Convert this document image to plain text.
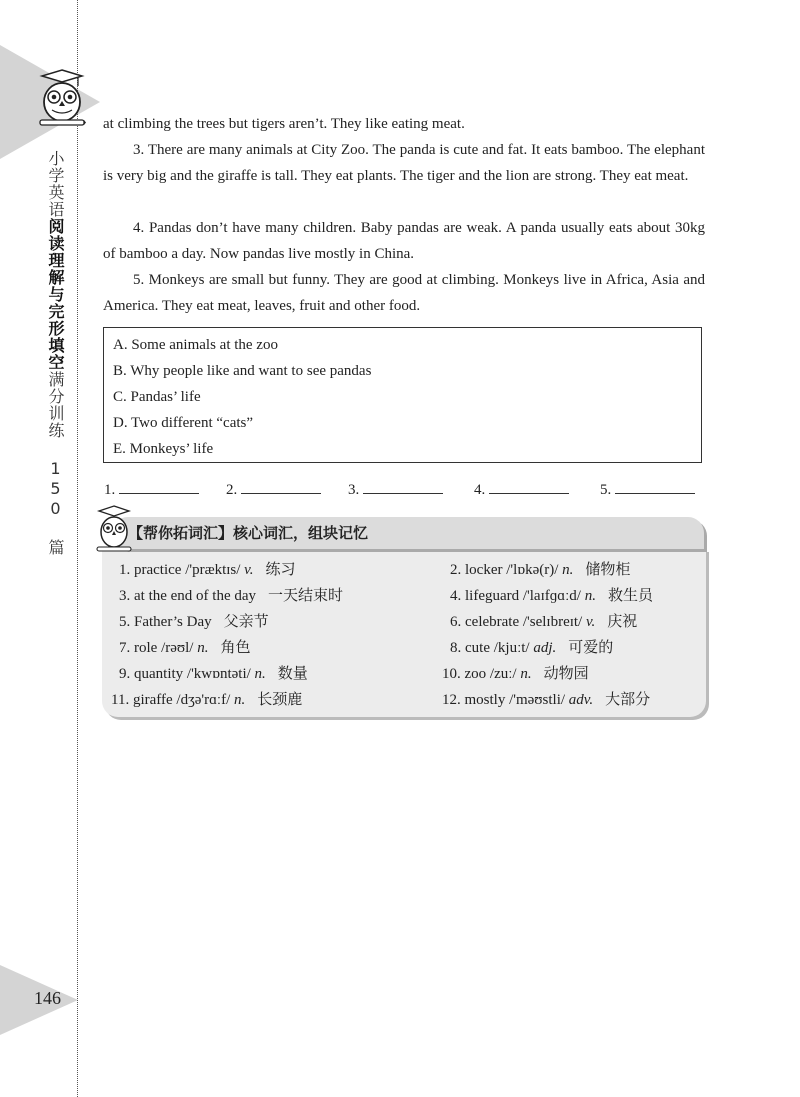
小学英语阅读理解与完形填空满分训练 150 篇
146

at climbing the trees but tigers aren’t. They like eating meat.

3. There are many animals at City Zoo. The panda is cute and fat. It eats bamboo. The elephant is very big and the giraffe is tall. They eat plants. The tiger and the lion are strong. They eat meat.

4. Pandas don’t have many children. Baby pandas are weak. A panda usually eats about 30kg of bamboo a day. Now pandas live mostly in China.

5. Monkeys are small but funny. They are good at climbing. Monkeys live in Africa, Asia and America. They eat meat, leaves, fruit and other food.

A. Some animals at the zoo
B. Why people like and want to see pandas
C. Pandas’ life
D. Two different “cats”
E. Monkeys’ life
1.	2.	3.	4.	5.
【帮你拓词汇】核心词汇，组块记忆
1. practice /'præktɪs/ v. 练习	2. locker /'lɒkə(r)/ n. 储物柜
3. at the end of the day 一天结束时	4. lifeguard /'laɪfɡɑːd/ n. 救生员
5. Father’s Day 父亲节	6. celebrate /'selɪbreɪt/ v. 庆祝
7. role /rəʊl/ n. 角色	8. cute /kjuːt/ adj. 可爱的
9. quantity /'kwɒntəti/ n. 数量	10. zoo /zuː/ n. 动物园
11. giraffe /dʒə'rɑːf/ n. 长颈鹿	12. mostly /'məʊstli/ adv. 大部分
